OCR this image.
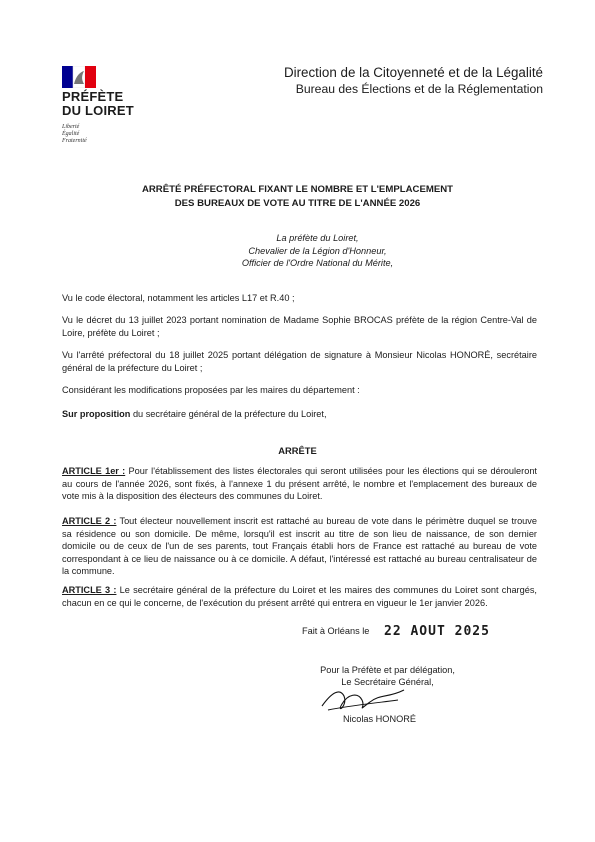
PRÉFÈTE
DU LOIRET
Liberté
Égalité
Fraternité
Direction de la Citoyenneté et de la Légalité
Bureau des Élections et de la Réglementation
ARRÊTÉ PRÉFECTORAL FIXANT LE NOMBRE ET L'EMPLACEMENT
DES BUREAUX DE VOTE AU TITRE DE L'ANNÉE 2026
La préfète du Loiret,
Chevalier de la Légion d'Honneur,
Officier de l'Ordre National du Mérite,
Vu le code électoral, notamment les articles L17 et R.40 ;
Vu le décret du 13 juillet 2023 portant nomination de Madame Sophie BROCAS préfète de la région Centre-Val de Loire, préfète du Loiret ;
Vu l'arrêté préfectoral du 18 juillet 2025 portant délégation de signature à Monsieur Nicolas HONORÉ, secrétaire général de la préfecture du Loiret ;
Considérant les modifications proposées par les maires du département :
Sur proposition du secrétaire général de la préfecture du Loiret,
ARRÊTE
ARTICLE 1er : Pour l'établissement des listes électorales qui seront utilisées pour les élections qui se dérouleront au cours de l'année 2026, sont fixés, à l'annexe 1 du présent arrêté, le nombre et l'emplacement des bureaux de vote mis à la disposition des électeurs des communes du Loiret.
ARTICLE 2 : Tout électeur nouvellement inscrit est rattaché au bureau de vote dans le périmètre duquel se trouve sa résidence ou son domicile. De même, lorsqu'il est inscrit au titre de son lieu de naissance, de son dernier domicile ou de ceux de l'un de ses parents, tout Français établi hors de France est rattaché au bureau de vote correspondant à ce lieu de naissance ou à ce domicile. A défaut, l'intéressé est rattaché au bureau centralisateur de la commune.
ARTICLE 3 : Le secrétaire général de la préfecture du Loiret et les maires des communes du Loiret sont chargés, chacun en ce qui le concerne, de l'exécution du présent arrêté qui entrera en vigueur le 1er janvier 2026.
Fait à Orléans le 22 AOUT 2025
Pour la Préfète et par délégation,
Le Secrétaire Général,
Nicolas HONORÉ
